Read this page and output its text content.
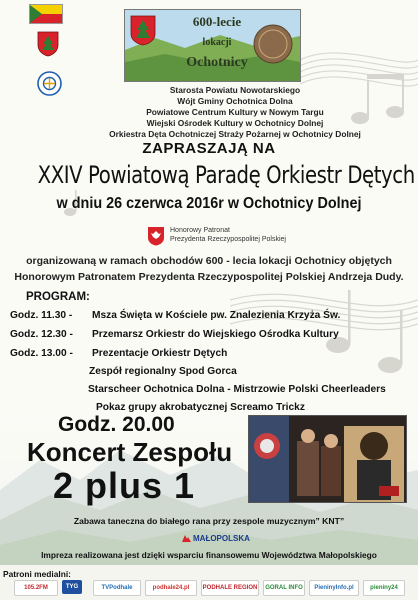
600-lecie
lokacji
Ochotnicy
Starosta Powiatu Nowotarskiego
Wójt Gminy Ochotnica Dolna
Powiatowe Centrum Kultury w Nowym Targu
Wiejski Ośrodek Kultury w Ochotnicy Dolnej
Orkiestra Dęta Ochotniczej Straży Pożarnej w Ochotnicy Dolnej
ZAPRASZAJĄ NA
XXIV Powiatową Paradę Orkiestr Dętych
w dniu 26 czerwca 2016r w Ochotnicy Dolnej
Honorowy Patronat
Prezydenta Rzeczypospolitej Polskiej
organizowaną w ramach obchodów 600 - lecia lokacji Ochotnicy objętych
Honorowym Patronatem Prezydenta Rzeczypospolitej Polskiej Andrzeja Dudy.
PROGRAM:
Godz. 11.30 - Msza Święta w Kościele pw. Znalezienia Krzyża Św.
Godz. 12.30 - Przemarsz Orkiestr do Wiejskiego Ośrodka Kultury
Godz. 13.00 - Prezentacje Orkiestr Dętych
Zespół regionalny Spod Gorca
Starscheer Ochotnica Dolna - Mistrzowie Polski Cheerleaders
Pokaz grupy akrobatycznej Screamo Trickz
Godz. 20.00
Koncert Zespołu
2 plus 1
Zabawa taneczna do białego rana przy zespole muzycznym” KNT”
MAŁOPOLSKA
Impreza realizowana jest dzięki wsparciu finansowemu Województwa Małopolskiego
Patroni medialni:
105.2FM	TYG	TVPodhale	podhale24.pl	PODHALE REGION	GORAL INFO	PieninyInfo.pl	pieniny24
